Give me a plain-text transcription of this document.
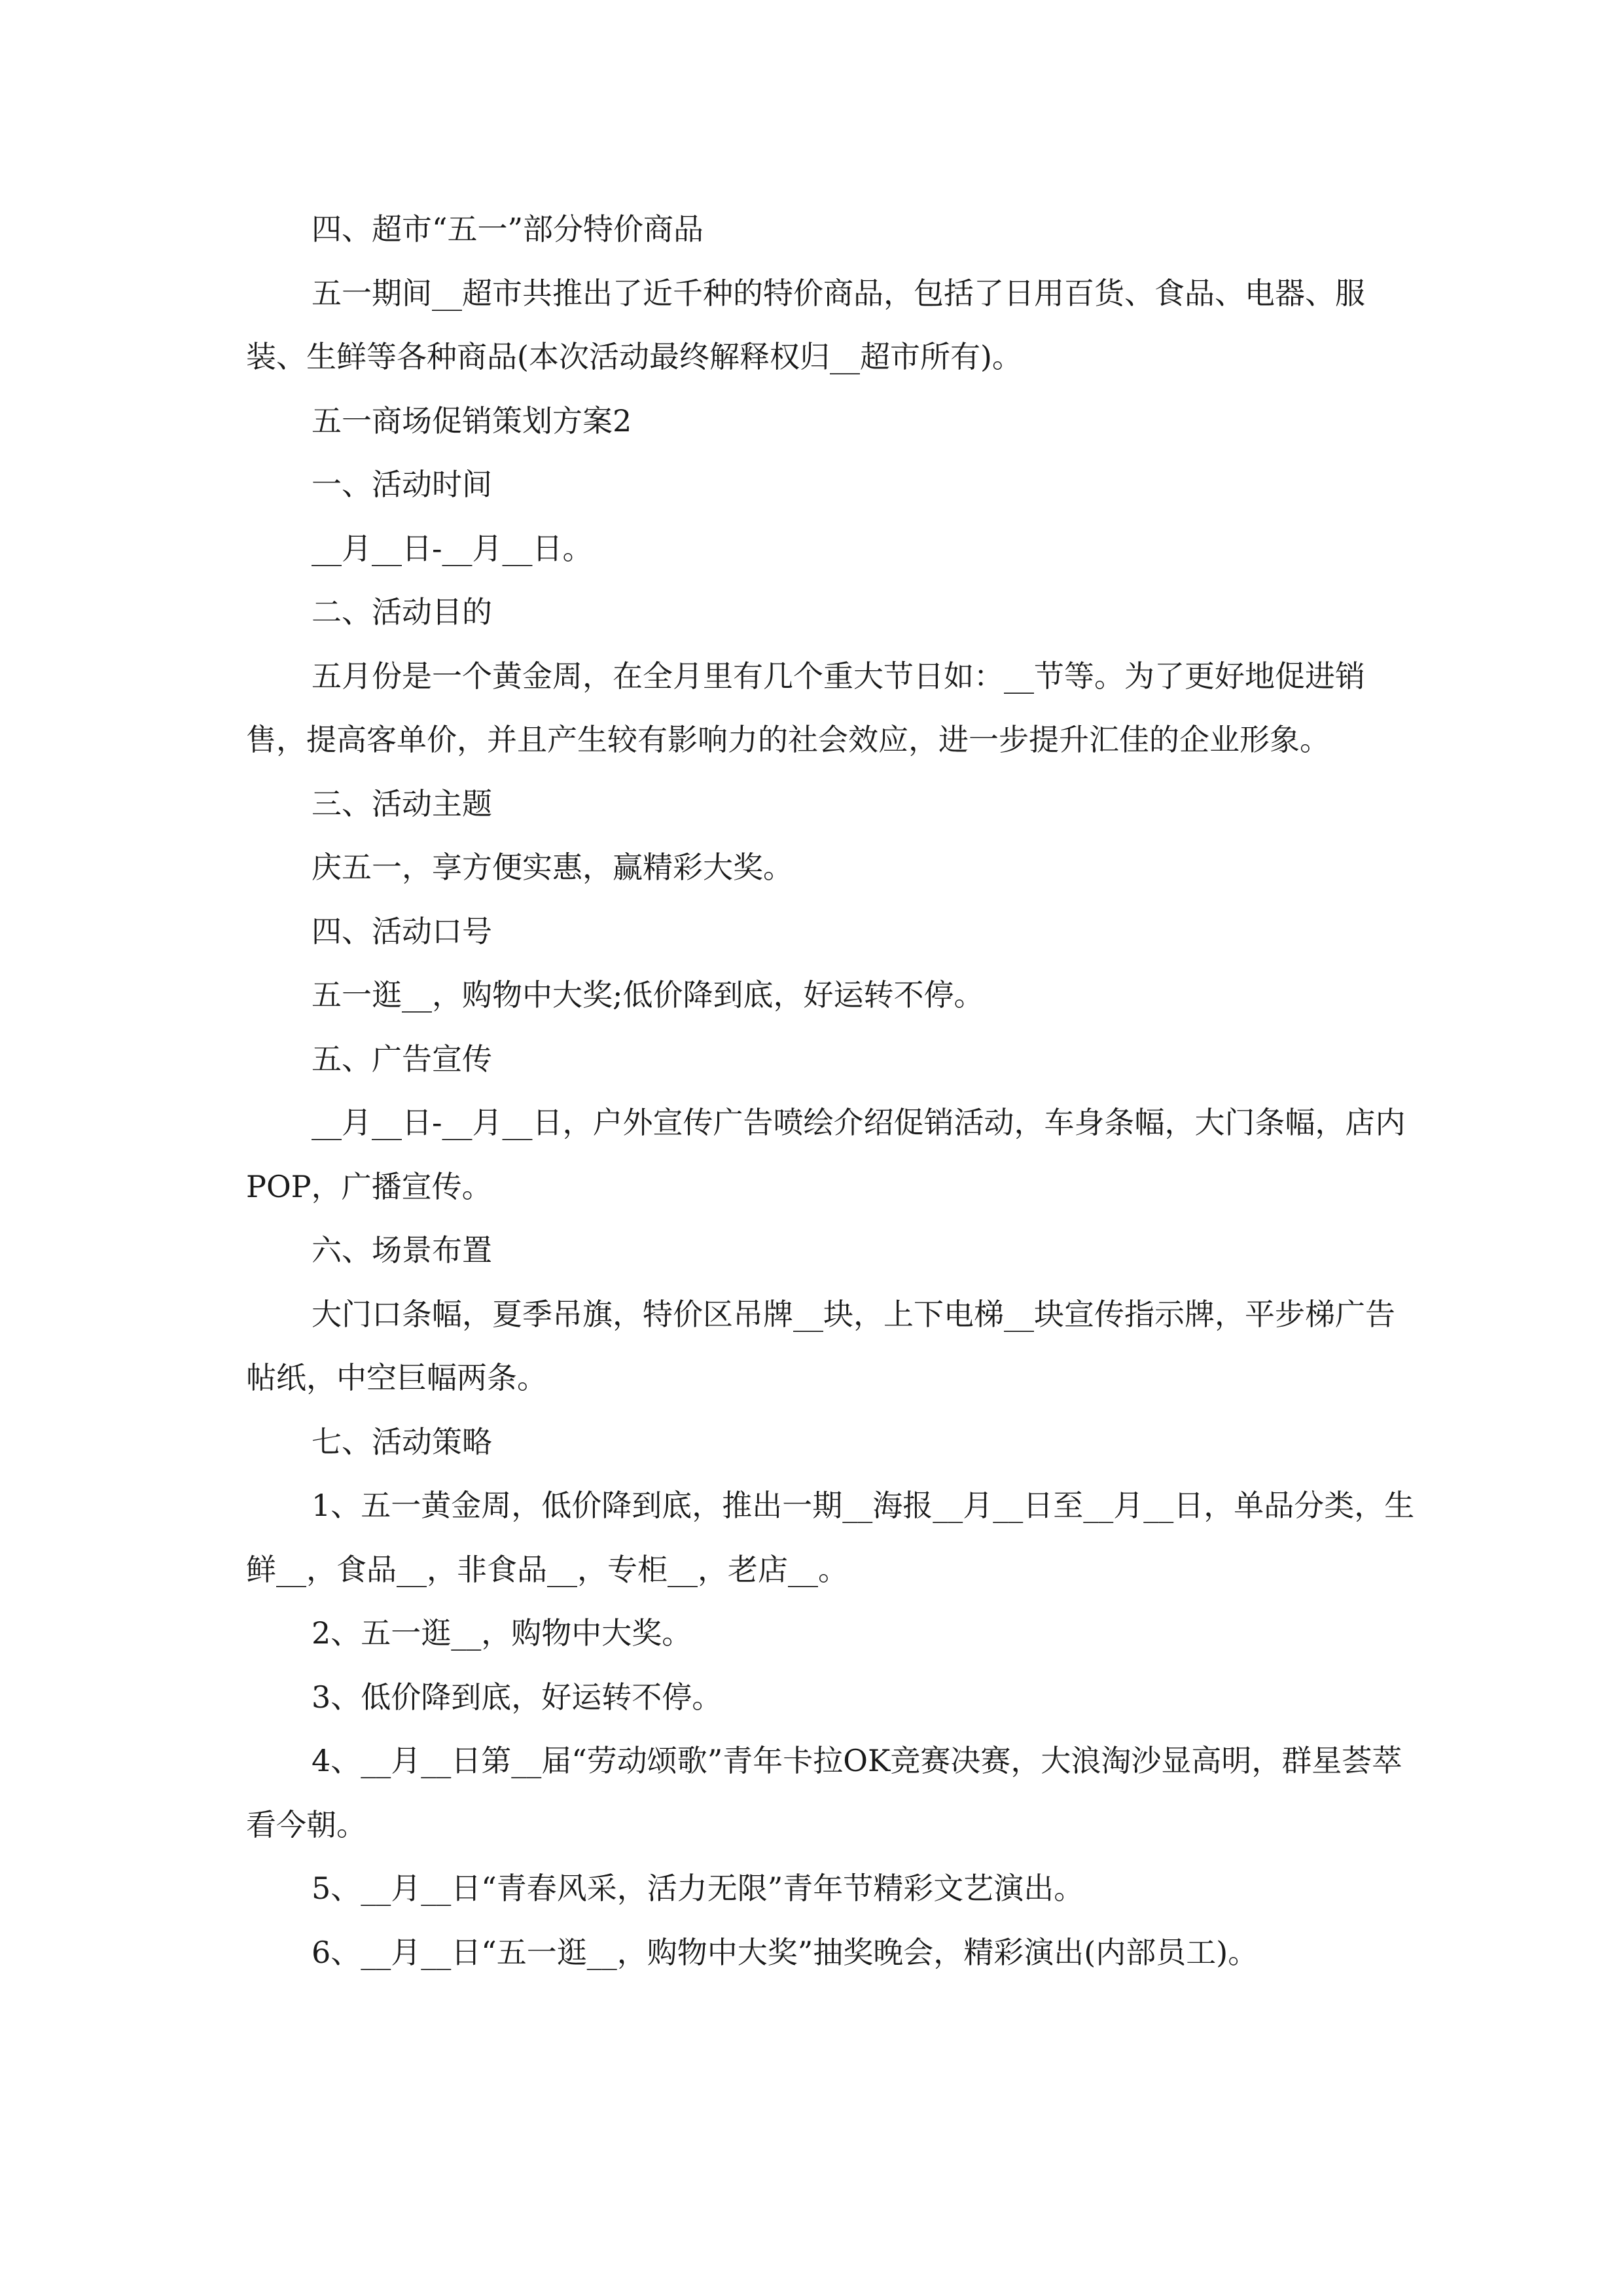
四、超市“五一”部分特价商品

五一期间__超市共推出了近千种的特价商品，包括了日用百货、食品、电器、服装、生鲜等各种商品(本次活动最终解释权归__超市所有)。

五一商场促销策划方案2

一、活动时间

__月__日-__月__日。

二、活动目的

五月份是一个黄金周，在全月里有几个重大节日如：__节等。为了更好地促进销售，提高客单价，并且产生较有影响力的社会效应，进一步提升汇佳的企业形象。

三、活动主题

庆五一，享方便实惠，赢精彩大奖。

四、活动口号

五一逛__，购物中大奖;低价降到底，好运转不停。

五、广告宣传

__月__日-__月__日，户外宣传广告喷绘介绍促销活动，车身条幅，大门条幅，店内POP，广播宣传。

六、场景布置

大门口条幅，夏季吊旗，特价区吊牌__块，上下电梯__块宣传指示牌，平步梯广告帖纸，中空巨幅两条。

七、活动策略

1、五一黄金周，低价降到底，推出一期__海报__月__日至__月__日，单品分类，生鲜__，食品__，非食品__，专柜__，老店__。

2、五一逛__，购物中大奖。

3、低价降到底，好运转不停。

4、__月__日第__届“劳动颂歌”青年卡拉OK竞赛决赛，大浪淘沙显高明，群星荟萃看今朝。

5、__月__日“青春风采，活力无限”青年节精彩文艺演出。

6、__月__日“五一逛__，购物中大奖”抽奖晚会，精彩演出(内部员工)。
